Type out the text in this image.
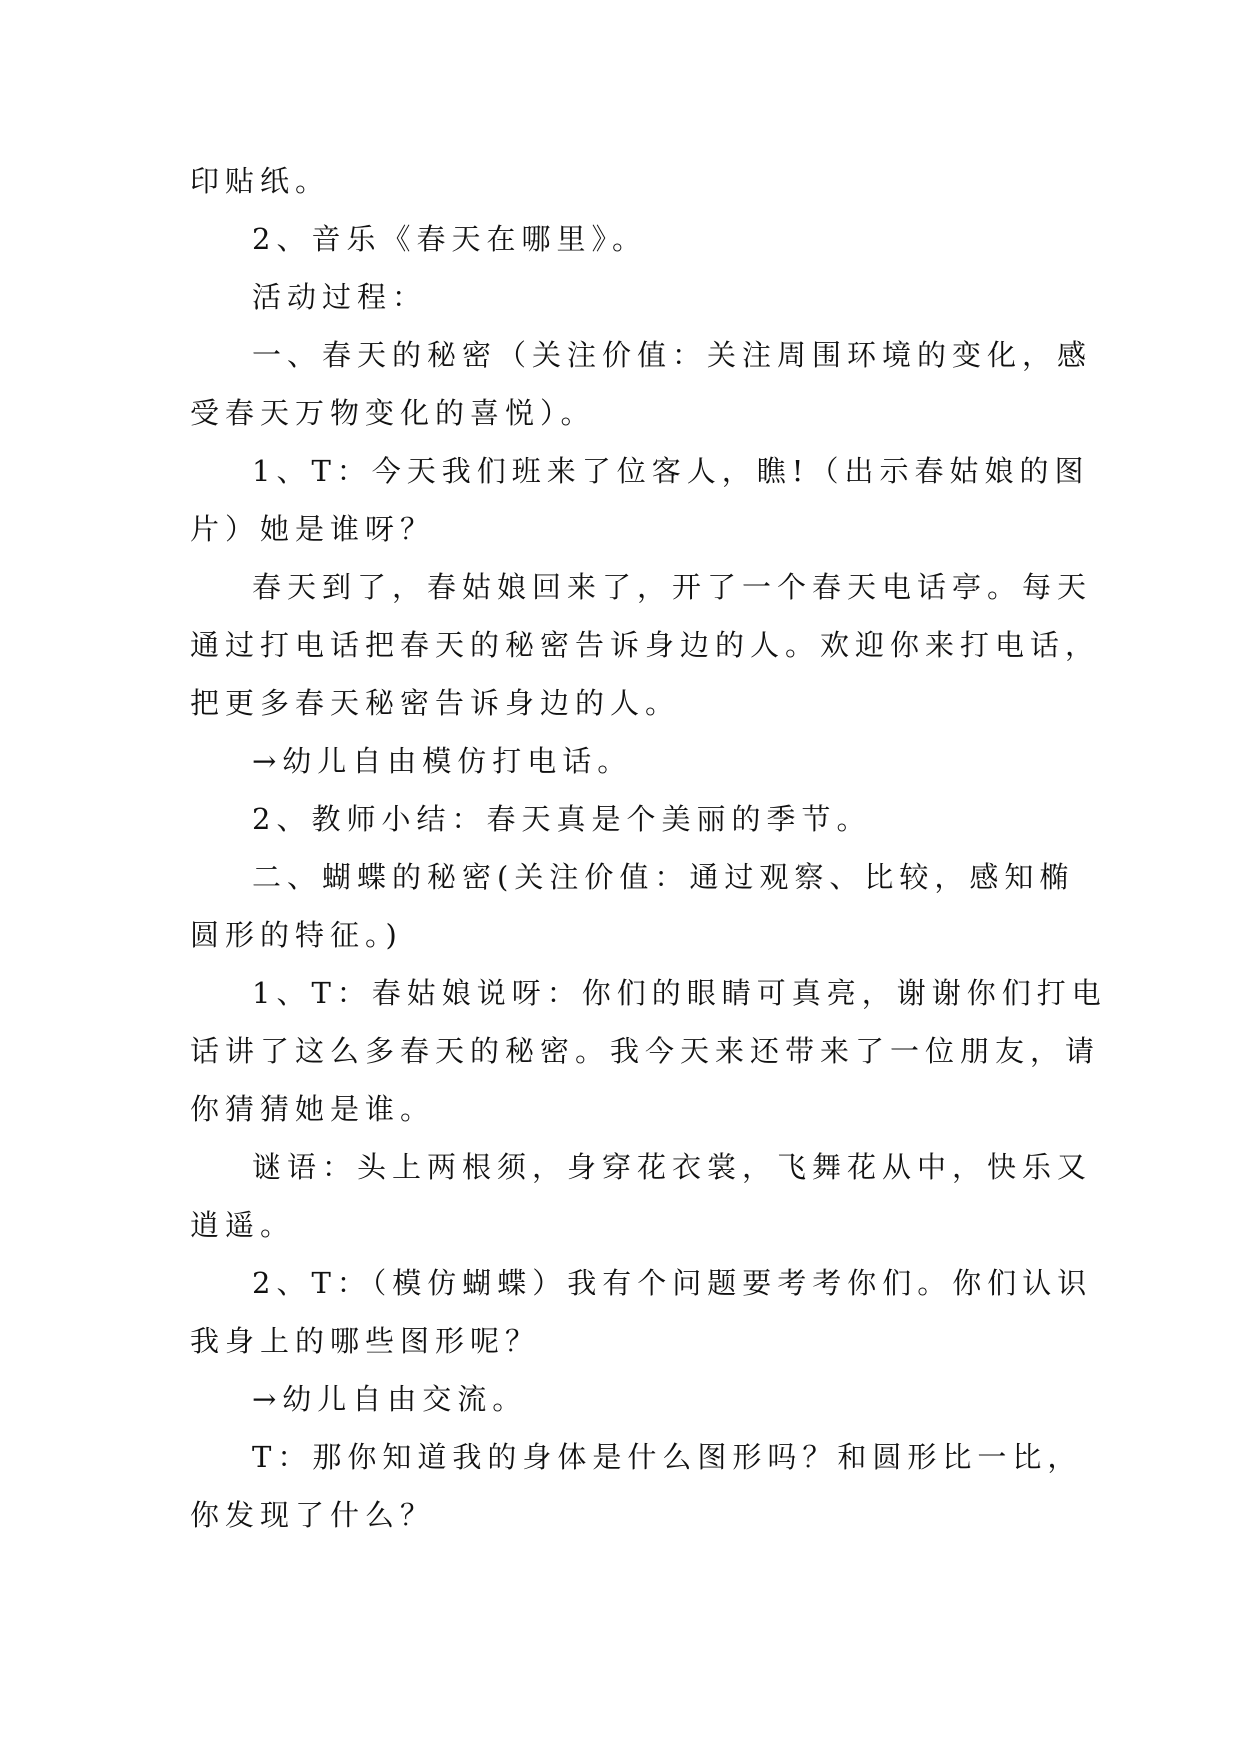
印贴纸。
2、音乐《春天在哪里》。
活动过程：
一、春天的秘密（关注价值：关注周围环境的变化，感
受春天万物变化的喜悦）。
1、T：今天我们班来了位客人，瞧!（出示春姑娘的图
片）她是谁呀？
春天到了，春姑娘回来了，开了一个春天电话亭。每天
通过打电话把春天的秘密告诉身边的人。欢迎你来打电话，
把更多春天秘密告诉身边的人。
→幼儿自由模仿打电话。
2、教师小结：春天真是个美丽的季节。
二、蝴蝶的秘密(关注价值：通过观察、比较，感知椭
圆形的特征。)
1、T：春姑娘说呀：你们的眼睛可真亮，谢谢你们打电
话讲了这么多春天的秘密。我今天来还带来了一位朋友，请
你猜猜她是谁。
谜语：头上两根须，身穿花衣裳，飞舞花从中，快乐又
逍遥。
2、T：（模仿蝴蝶）我有个问题要考考你们。你们认识
我身上的哪些图形呢？
→幼儿自由交流。
T：那你知道我的身体是什么图形吗？和圆形比一比，
你发现了什么？
